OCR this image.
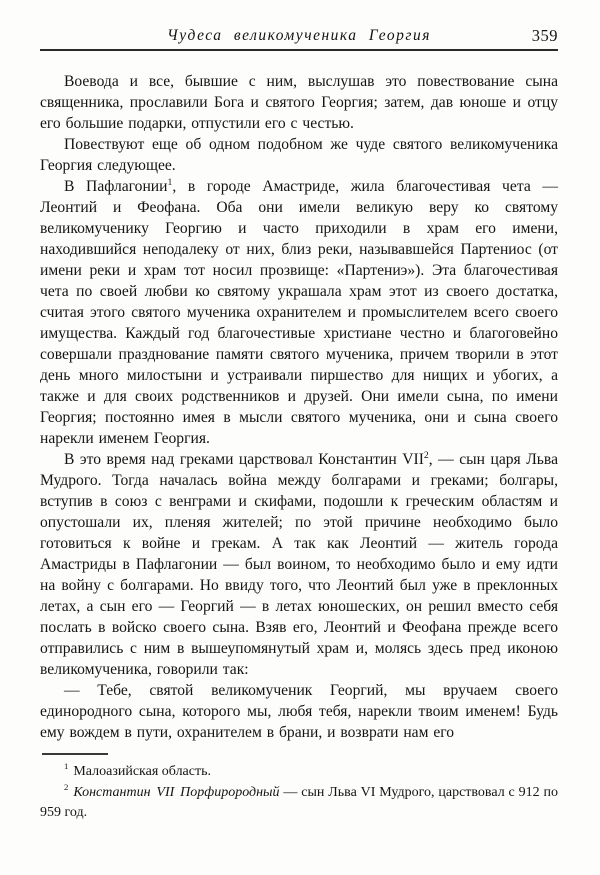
Чудеса великомученика Георгия	359

Воевода и все, бывшие с ним, выслушав это повествование сына священника, прославили Бога и святого Георгия; затем, дав юноше и отцу его большие подарки, отпустили его с честью.

Повествуют еще об одном подобном же чуде святого великомученика Георгия следующее.

В Пафлагонии$^1$, в городе Амастриде, жила благочестивая чета — Леонтий и Феофана. Оба они имели великую веру ко святому великомученику Георгию и часто приходили в храм его имени, находившийся неподалеку от них, близ реки, называвшейся Партениос (от имени реки и храм тот носил прозвище: «Партениэ»). Эта благочестивая чета по своей любви ко святому украшала храм этот из своего достатка, считая этого святого мученика охранителем и промыслителем всего своего имущества. Каждый год благочестивые христиане честно и благоговейно совершали празднование памяти святого мученика, причем творили в этот день много милостыни и устраивали пиршество для нищих и убогих, а также и для своих родственников и друзей. Они имели сына, по имени Георгия; постоянно имея в мысли святого мученика, они и сына своего нарекли именем Георгия.

В это время над греками царствовал Константин VII$^2$, — сын царя Льва Мудрого. Тогда началась война между болгарами и греками; болгары, вступив в союз с венграми и скифами, подошли к греческим областям и опустошали их, пленяя жителей; по этой причине необходимо было готовиться к войне и грекам. А так как Леонтий — житель города Амастриды в Пафлагонии — был воином, то необходимо было и ему идти на войну с болгарами. Но ввиду того, что Леонтий был уже в преклонных летах, а сын его — Георгий — в летах юношеских, он решил вместо себя послать в войско своего сына. Взяв его, Леонтий и Феофана прежде всего отправились с ним в вышеупомянутый храм и, молясь здесь пред иконою великомученика, говорили так:

— Тебе, святой великомученик Георгий, мы вручаем своего единородного сына, которого мы, любя тебя, нарекли твоим именем! Будь ему вождем в пути, охранителем в брани, и возврати нам его

$^1$ Малоазийская область.

$^2$ Константин VII Порфирородный — сын Льва VI Мудрого, царствовал с 912 по 959 год.
